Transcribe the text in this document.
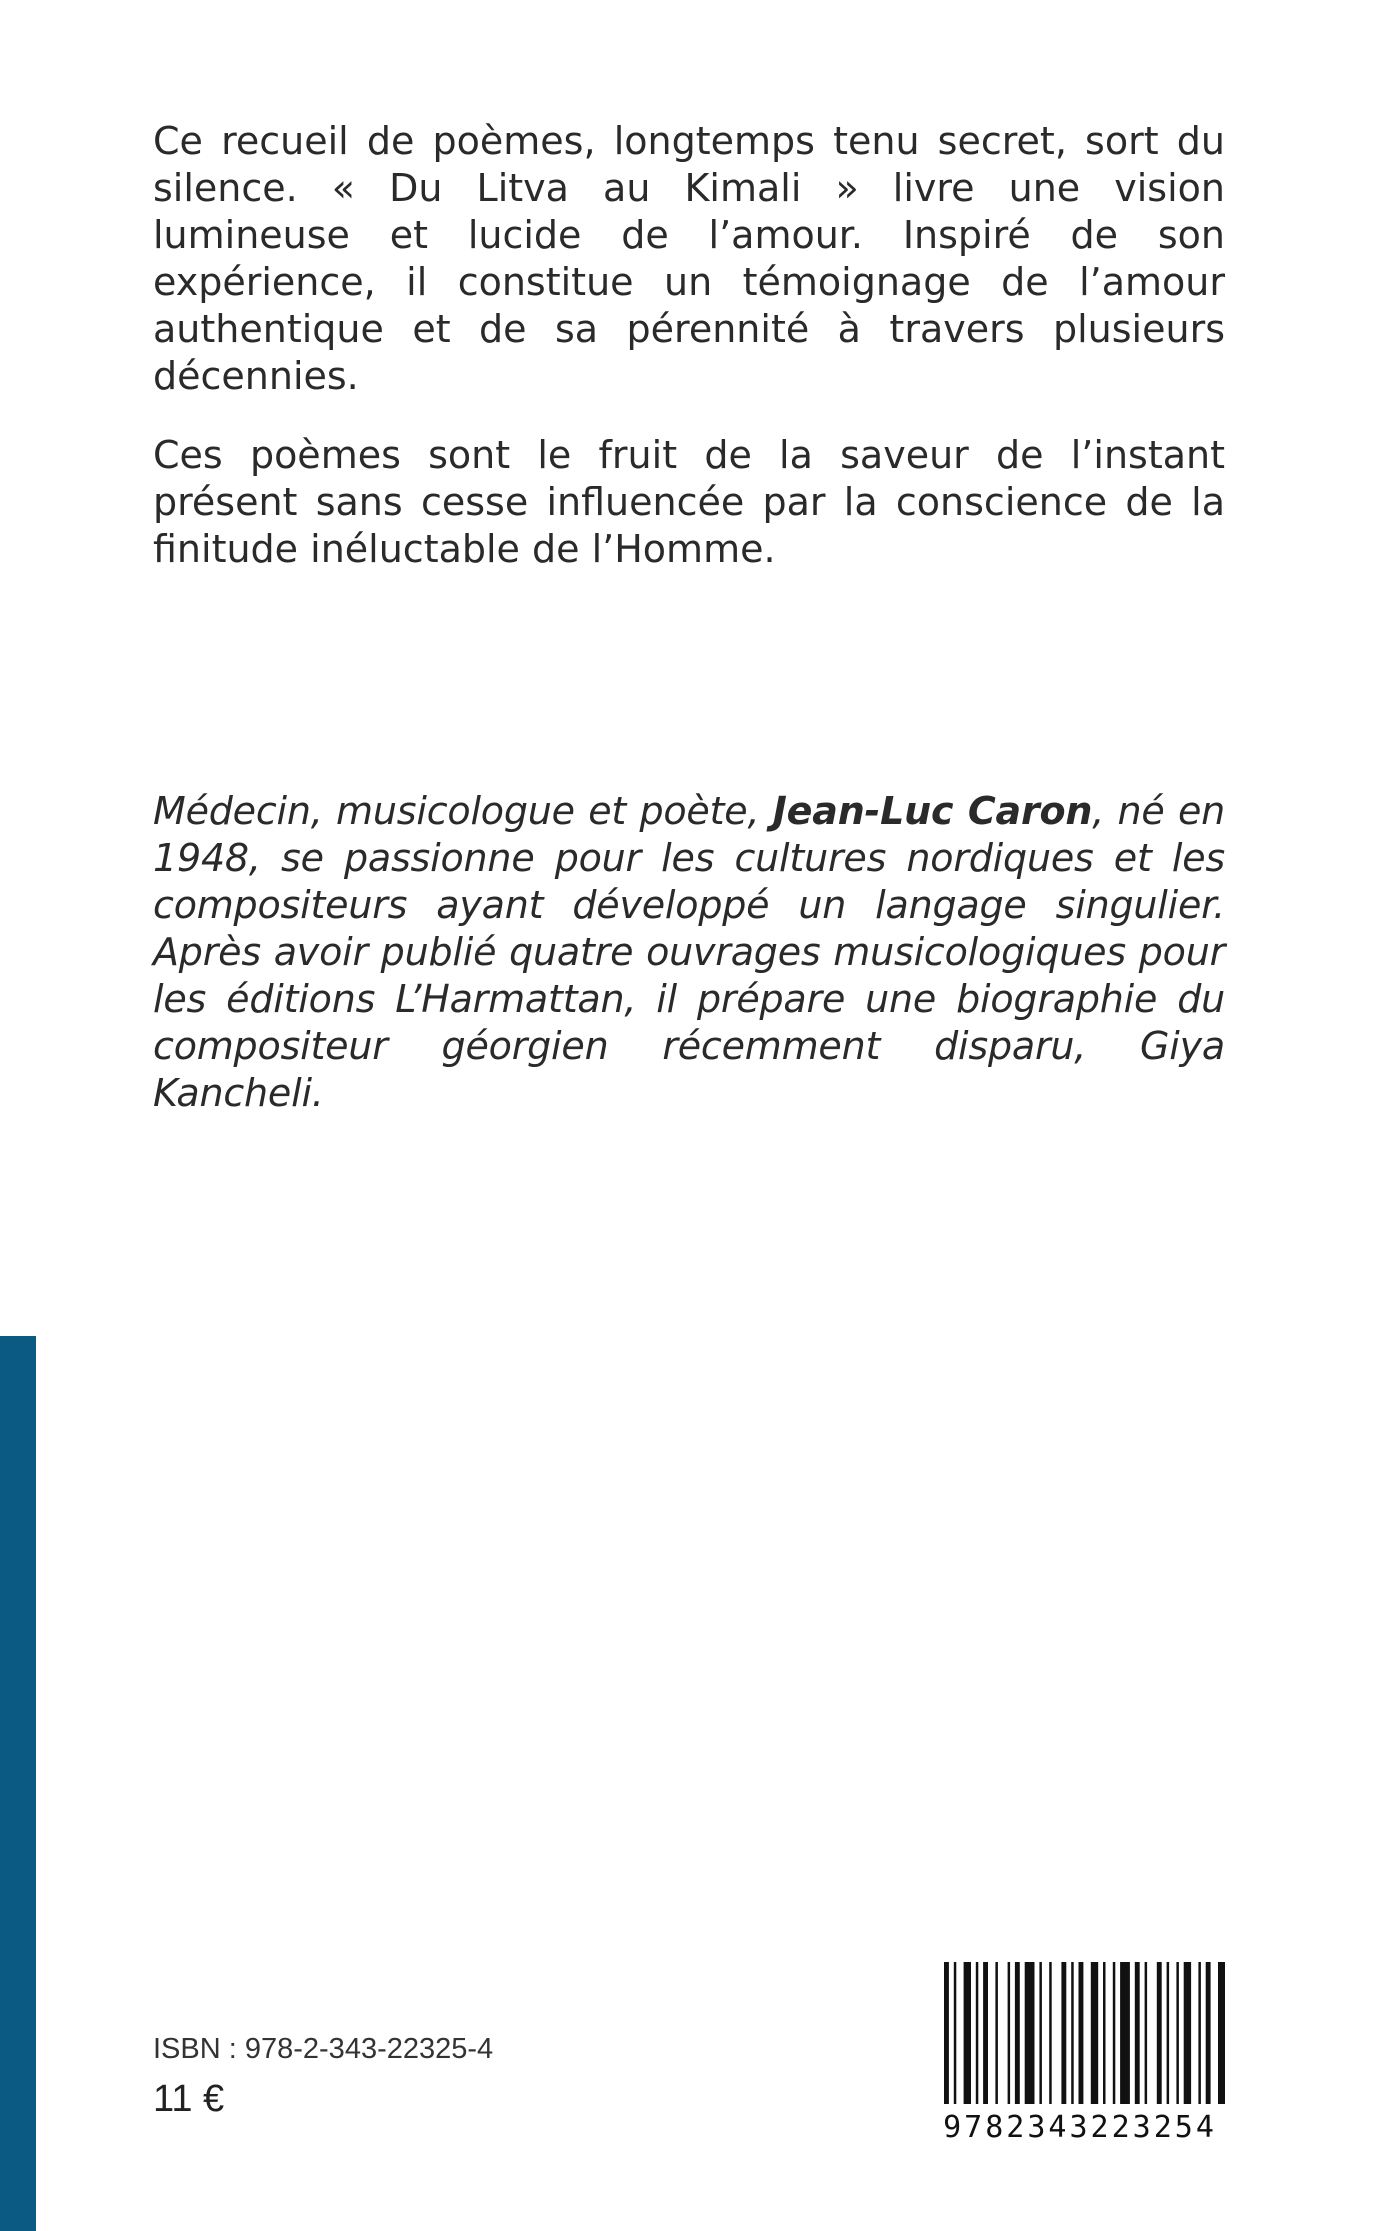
Ce recueil de poèmes, longtemps tenu secret, sort du silence. « Du Litva au Kimali » livre une vision lumineuse et lucide de l’amour. Inspiré de son expérience, il constitue un témoignage de l’amour authentique et de sa pérennité à travers plusieurs décennies.

Ces poèmes sont le fruit de la saveur de l’instant présent sans cesse influencée par la conscience de la finitude inéluctable de l’Homme.

Médecin, musicologue et poète, Jean-Luc Caron, né en 1948, se passionne pour les cultures nordiques et les compositeurs ayant développé un langage singulier. Après avoir publié quatre ouvrages musicologiques pour les éditions L’Harmattan, il prépare une biographie du compositeur géorgien récemment disparu, Giya Kancheli.

ISBN : 978-2-343-22325-4
11 €
9782343223254
